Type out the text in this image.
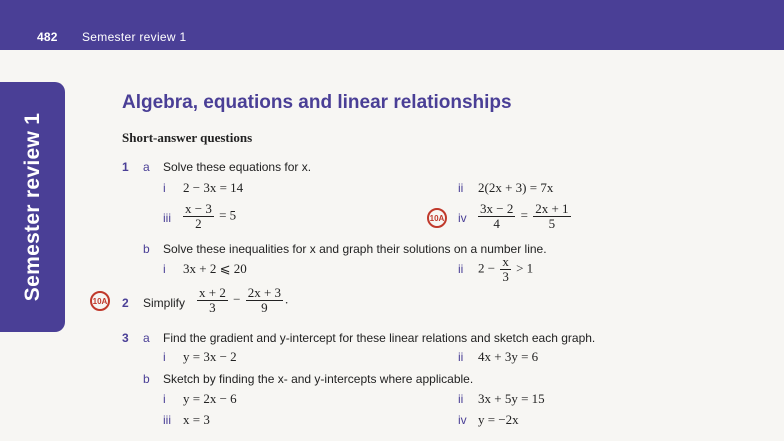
482 Semester review 1
Semester review 1
Algebra, equations and linear relationships
Short-answer questions
1 a Solve these equations for x.
i 2 − 3x = 14	ii 2(2x + 3) = 7x
iii $\frac{x - 3}{2} = 5$	10A iv $\frac{3x - 2}{4} = \frac{2x + 1}{5}$
b Solve these inequalities for x and graph their solutions on a number line.
i 3x + 2 ⩽ 20	ii $2 - \frac{x}{3} > 1$
10A 2 Simplify $\frac{x + 2}{3} - \frac{2x + 3}{9}$ .
3 a Find the gradient and y-intercept for these linear relations and sketch each graph.
i y = 3x − 2	ii 4x + 3y = 6
b Sketch by finding the x- and y-intercepts where applicable.
i y = 2x − 6	ii 3x + 5y = 15
iii x = 3	iv y = −2x
